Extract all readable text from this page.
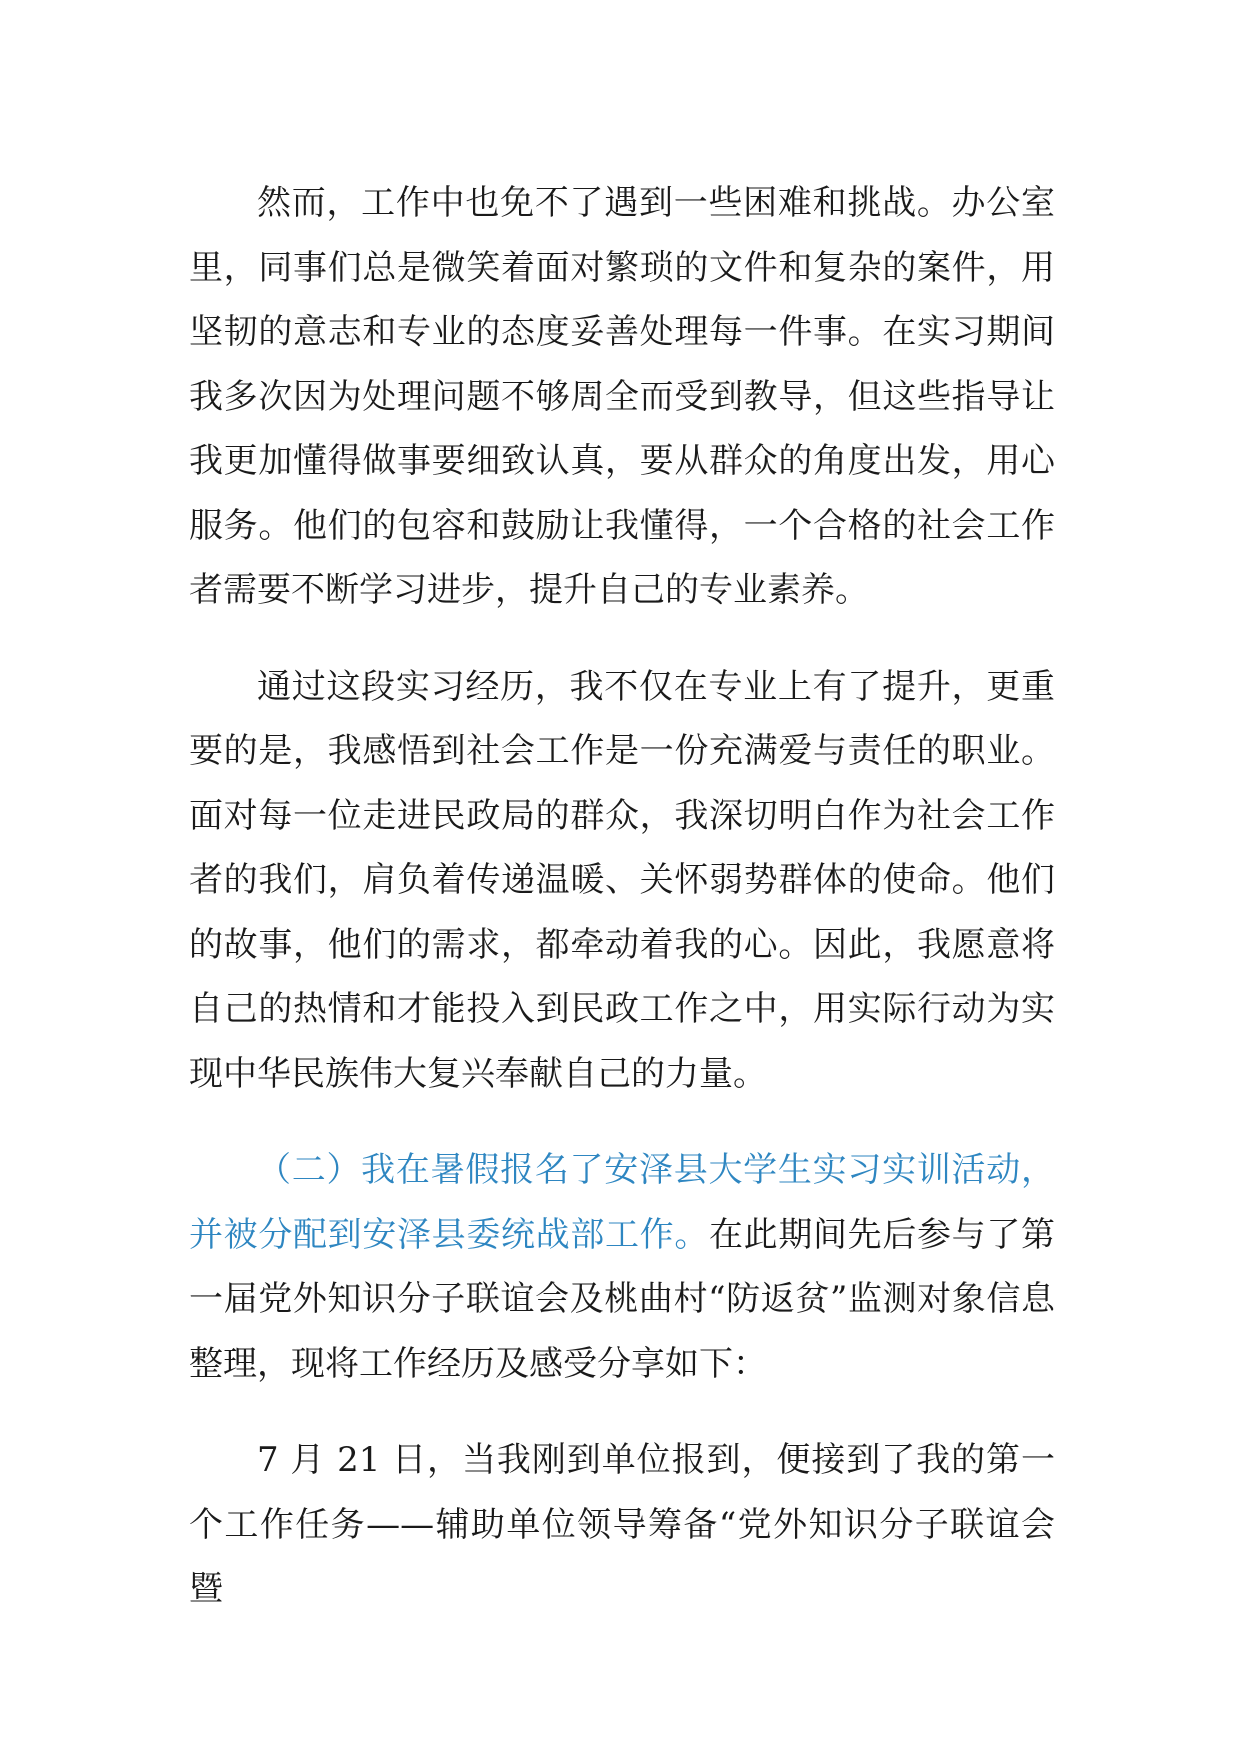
然而，工作中也免不了遇到一些困难和挑战。办公室里，同事们总是微笑着面对繁琐的文件和复杂的案件，用坚韧的意志和专业的态度妥善处理每一件事。在实习期间我多次因为处理问题不够周全而受到教导，但这些指导让我更加懂得做事要细致认真，要从群众的角度出发，用心服务。他们的包容和鼓励让我懂得，一个合格的社会工作者需要不断学习进步，提升自己的专业素养。

通过这段实习经历，我不仅在专业上有了提升，更重要的是，我感悟到社会工作是一份充满爱与责任的职业。面对每一位走进民政局的群众，我深切明白作为社会工作者的我们，肩负着传递温暖、关怀弱势群体的使命。他们的故事，他们的需求，都牵动着我的心。因此，我愿意将自己的热情和才能投入到民政工作之中，用实际行动为实现中华民族伟大复兴奉献自己的力量。

（二）我在暑假报名了安泽县大学生实习实训活动，并被分配到安泽县委统战部工作。在此期间先后参与了第一届党外知识分子联谊会及桃曲村“防返贫”监测对象信息整理，现将工作经历及感受分享如下：

7 月 21 日，当我刚到单位报到，便接到了我的第一个工作任务——辅助单位领导筹备“党外知识分子联谊会暨
